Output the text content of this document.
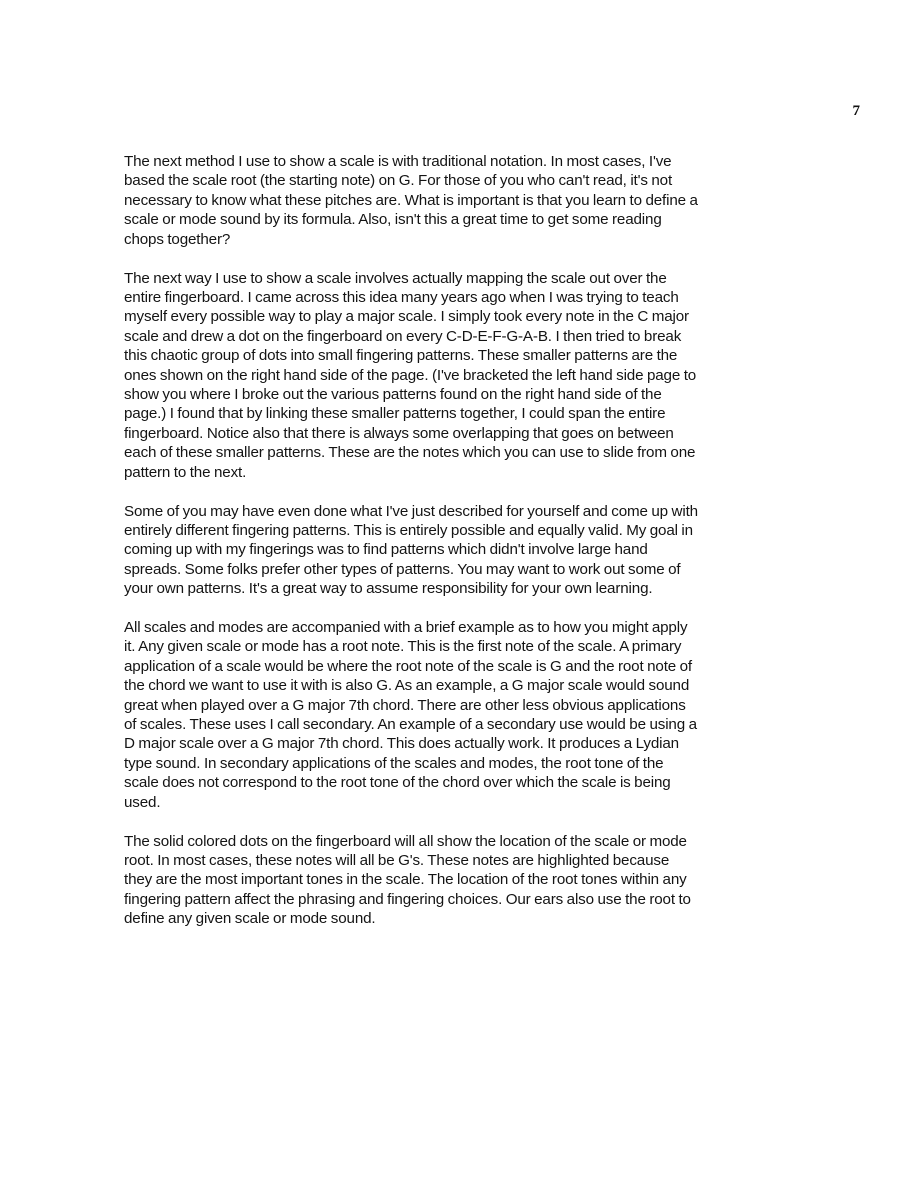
7

The next method I use to show a scale is with traditional notation. In most cases, I've
based the scale root (the starting note) on G. For those of you who can't read, it's not
necessary to know what these pitches are. What is important is that you learn to define a
scale or mode sound by its formula. Also, isn't this a great time to get some reading
chops together?

The next way I use to show a scale involves actually mapping the scale out over the
entire fingerboard. I came across this idea many years ago when I was trying to teach
myself every possible way to play a major scale. I simply took every note in the C major
scale and drew a dot on the fingerboard on every C-D-E-F-G-A-B. I then tried to break
this chaotic group of dots into small fingering patterns. These smaller patterns are the
ones shown on the right hand side of the page. (I've bracketed the left hand side page to
show you where I broke out the various patterns found on the right hand side of the
page.) I found that by linking these smaller patterns together, I could span the entire
fingerboard. Notice also that there is always some overlapping that goes on between
each of these smaller patterns. These are the notes which you can use to slide from one
pattern to the next.

Some of you may have even done what I've just described for yourself and come up with
entirely different fingering patterns. This is entirely possible and equally valid. My goal in
coming up with my fingerings was to find patterns which didn't involve large hand
spreads. Some folks prefer other types of patterns. You may want to work out some of
your own patterns. It's a great way to assume responsibility for your own learning.

All scales and modes are accompanied with a brief example as to how you might apply
it. Any given scale or mode has a root note. This is the first note of the scale. A primary
application of a scale would be where the root note of the scale is G and the root note of
the chord we want to use it with is also G. As an example, a G major scale would sound
great when played over a G major 7th chord. There are other less obvious applications
of scales. These uses I call secondary. An example of a secondary use would be using a
D major scale over a G major 7th chord. This does actually work. It produces a Lydian
type sound. In secondary applications of the scales and modes, the root tone of the
scale does not correspond to the root tone of the chord over which the scale is being
used.

The solid colored dots on the fingerboard will all show the location of the scale or mode
root. In most cases, these notes will all be G's. These notes are highlighted because
they are the most important tones in the scale. The location of the root tones within any
fingering pattern affect the phrasing and fingering choices. Our ears also use the root to
define any given scale or mode sound.
